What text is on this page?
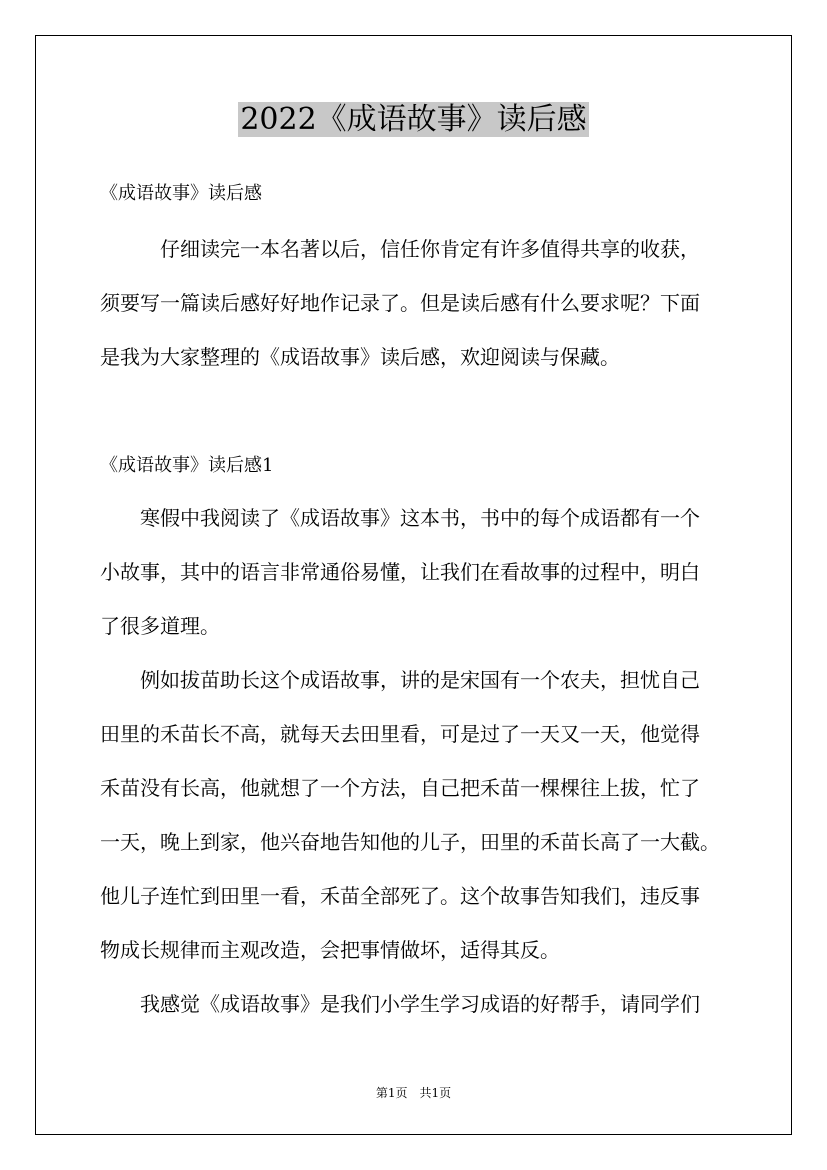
2022《成语故事》读后感
《成语故事》读后感
　　　仔细读完一本名著以后，信任你肯定有许多值得共享的收获，
须要写一篇读后感好好地作记录了。但是读后感有什么要求呢？下面
是我为大家整理的《成语故事》读后感，欢迎阅读与保藏。
《成语故事》读后感1
　　寒假中我阅读了《成语故事》这本书，书中的每个成语都有一个
小故事，其中的语言非常通俗易懂，让我们在看故事的过程中，明白
了很多道理。
　　例如拔苗助长这个成语故事，讲的是宋国有一个农夫，担忧自己
田里的禾苗长不高，就每天去田里看，可是过了一天又一天，他觉得
禾苗没有长高，他就想了一个方法，自己把禾苗一棵棵往上拔，忙了
一天，晚上到家，他兴奋地告知他的儿子，田里的禾苗长高了一大截。
他儿子连忙到田里一看，禾苗全部死了。这个故事告知我们，违反事
物成长规律而主观改造，会把事情做坏，适得其反。
　　我感觉《成语故事》是我们小学生学习成语的好帮手，请同学们
第1页　共1页
